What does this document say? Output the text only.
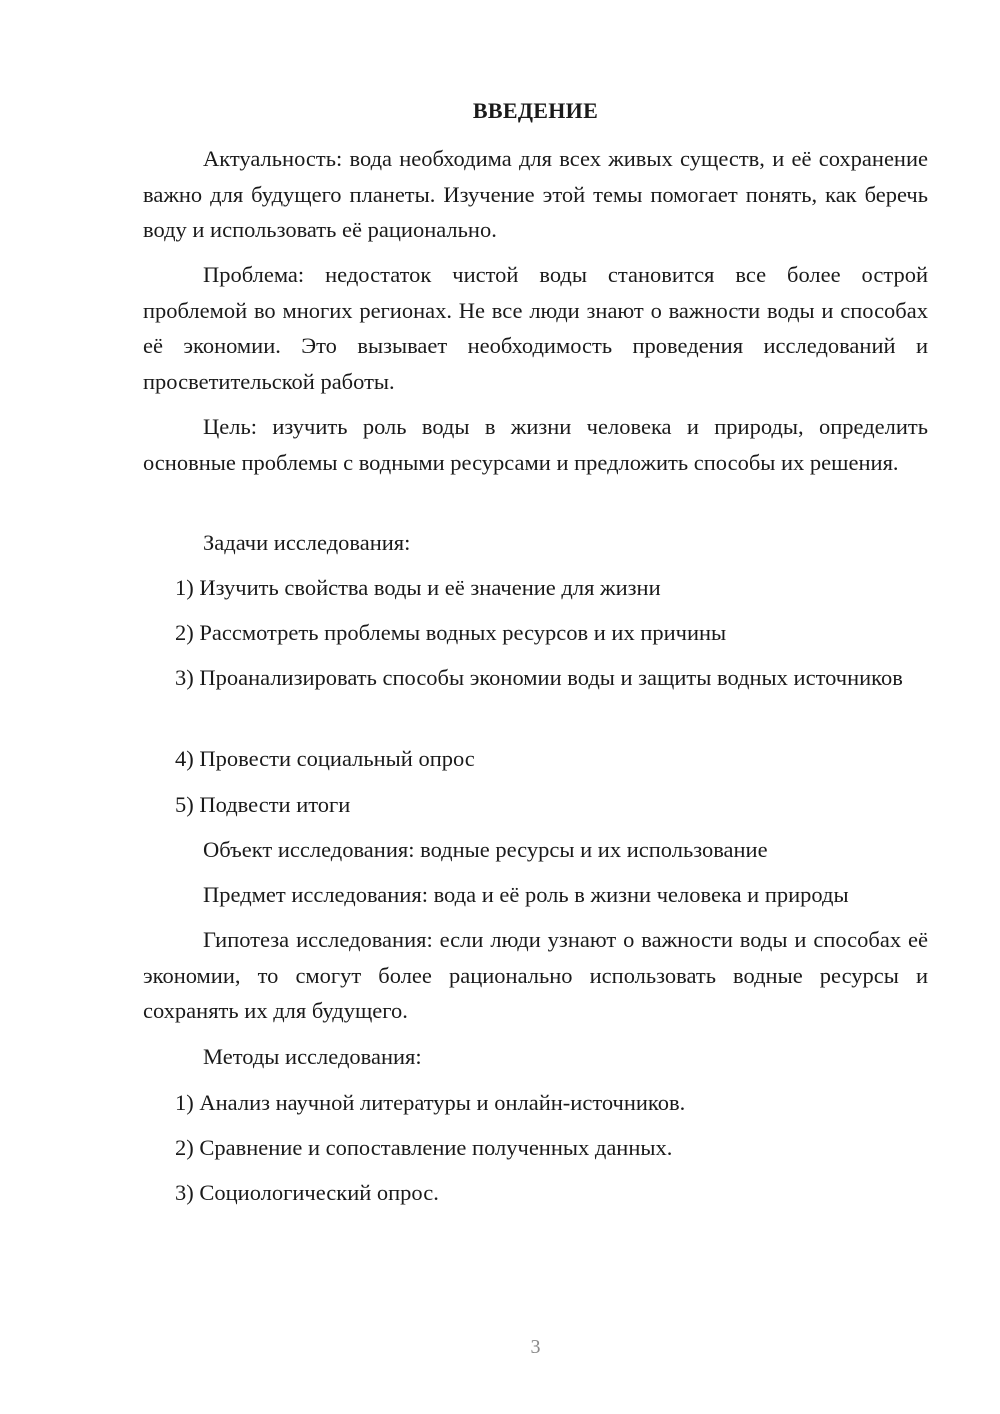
ВВЕДЕНИЕ

Актуальность: вода необходима для всех живых существ, и её сохранение важно для будущего планеты. Изучение этой темы помогает понять, как беречь воду и использовать её рационально.

Проблема: недостаток чистой воды становится все более острой проблемой во многих регионах. Не все люди знают о важности воды и способах её экономии. Это вызывает необходимость проведения исследований и просветительской работы.

Цель: изучить роль воды в жизни человека и природы, определить основные проблемы с водными ресурсами и предложить способы их решения.

Задачи исследования:

1) Изучить свойства воды и её значение для жизни

2) Рассмотреть проблемы водных ресурсов и их причины

3) Проанализировать способы экономии воды и защиты водных источников

4) Провести социальный опрос

5) Подвести итоги

Объект исследования: водные ресурсы и их использование

Предмет исследования: вода и её роль в жизни человека и природы

Гипотеза исследования: если люди узнают о важности воды и способах её экономии, то смогут более рационально использовать водные ресурсы и сохранять их для будущего.

Методы исследования:

1) Анализ научной литературы и онлайн-источников.

2) Сравнение и сопоставление полученных данных.

3) Социологический опрос.

3
